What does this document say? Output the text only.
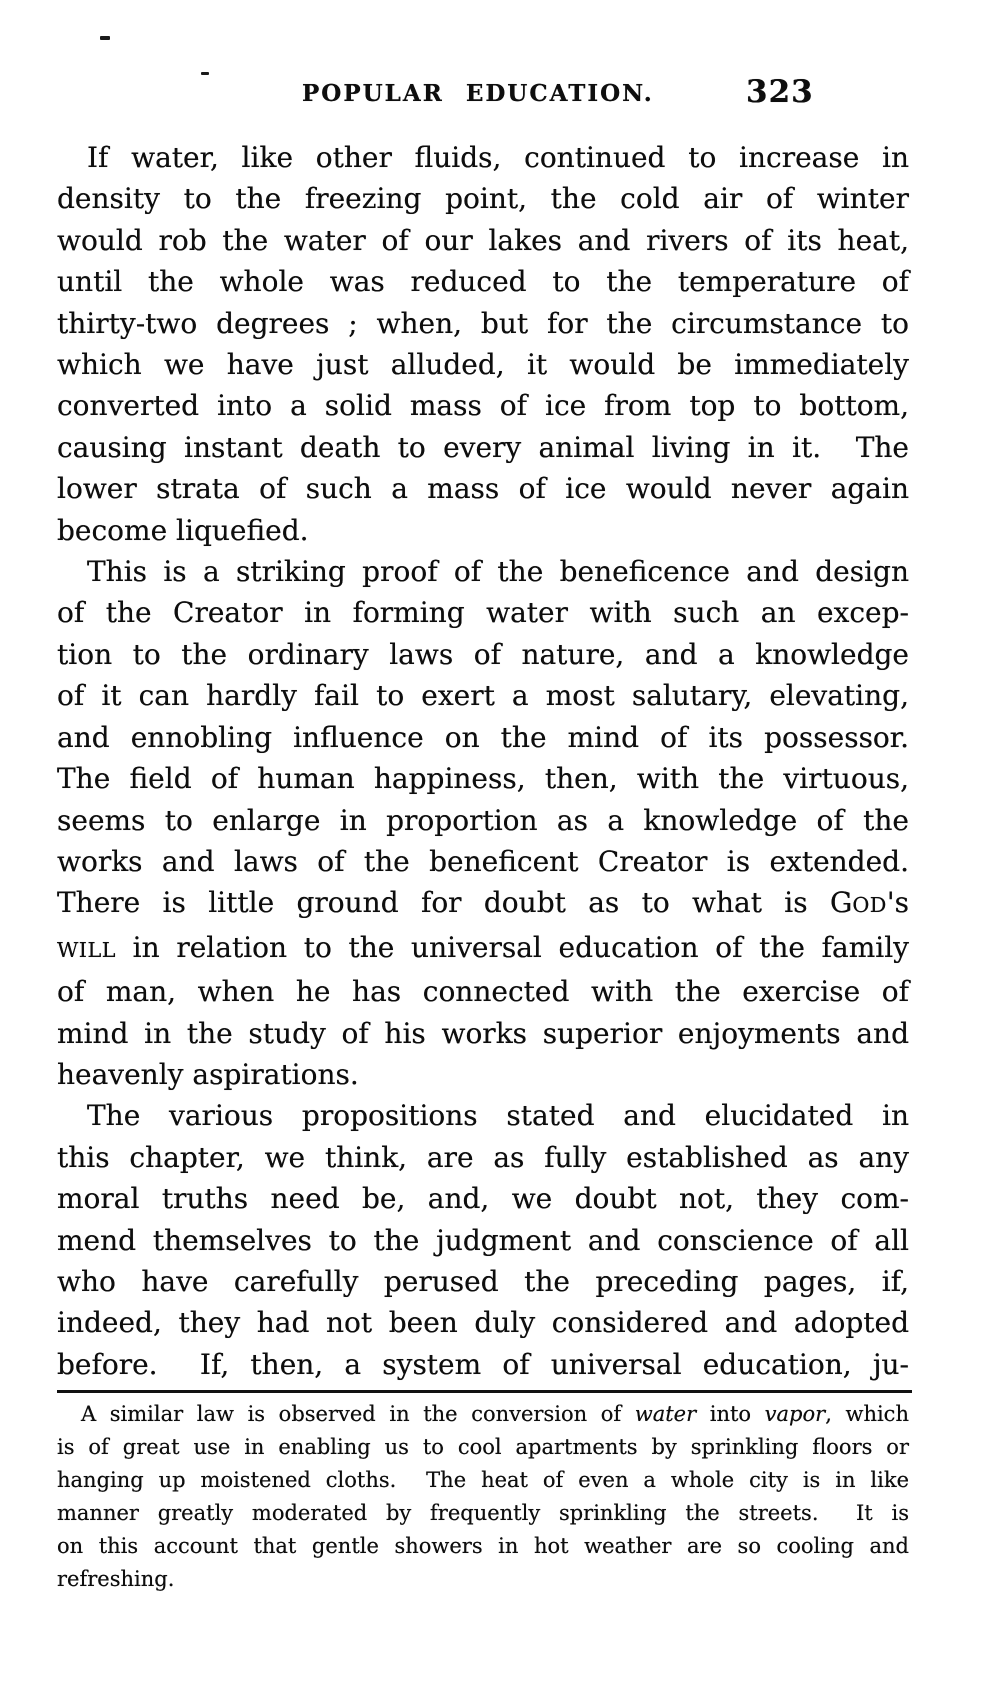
POPULAR EDUCATION.	323
If water, like other fluids, continued to increase in
density to the freezing point, the cold air of winter
would rob the water of our lakes and rivers of its heat,
until the whole was reduced to the temperature of
thirty-two degrees ; when, but for the circumstance to
which we have just alluded, it would be immediately
converted into a solid mass of ice from top to bottom,
causing instant death to every animal living in it.  The
lower strata of such a mass of ice would never again
become liquefied.
This is a striking proof of the beneficence and design
of the Creator in forming water with such an excep-
tion to the ordinary laws of nature, and a knowledge
of it can hardly fail to exert a most salutary, elevating,
and ennobling influence on the mind of its possessor.
The field of human happiness, then, with the virtuous,
seems to enlarge in proportion as a knowledge of the
works and laws of the beneficent Creator is extended.
There is little ground for doubt as to what is GOD's
WILL in relation to the universal education of the family
of man, when he has connected with the exercise of
mind in the study of his works superior enjoyments and
heavenly aspirations.
The various propositions stated and elucidated in
this chapter, we think, are as fully established as any
moral truths need be, and, we doubt not, they com-
mend themselves to the judgment and conscience of all
who have carefully perused the preceding pages, if,
indeed, they had not been duly considered and adopted
before.  If, then, a system of universal education, ju-
A similar law is observed in the conversion of water into vapor, which
is of great use in enabling us to cool apartments by sprinkling floors or
hanging up moistened cloths.  The heat of even a whole city is in like
manner greatly moderated by frequently sprinkling the streets.  It is
on this account that gentle showers in hot weather are so cooling and
refreshing.
